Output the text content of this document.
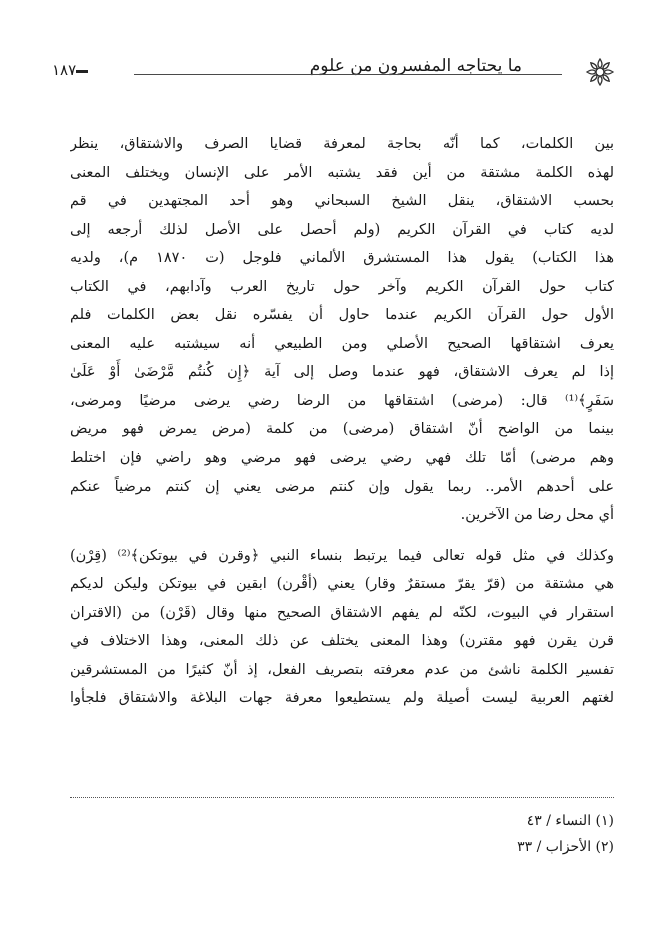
ما يحتاجه المفسرون من علوم
١٨٧
بين الكلمات، كما أنّه بحاجة لمعرفة قضايا الصرف والاشتقاق، ينظر
لهذه الكلمة مشتقة من أين فقد يشتبه الأمر على الإنسان ويختلف المعنى
بحسب الاشتقاق، ينقل الشيخ السبحاني وهو أحد المجتهدين في قم
لديه كتاب في القرآن الكريم (ولم أحصل على الأصل لذلك أرجعه إلى
هذا الكتاب) يقول هذا المستشرق الألماني فلوجل (ت ١٨٧٠ م)، ولديه
كتاب حول القرآن الكريم وآخر حول تاريخ العرب وآدابهم، في الكتاب
الأول حول القرآن الكريم عندما حاول أن يفسّره نقل بعض الكلمات فلم
يعرف اشتقاقها الصحيح الأصلي ومن الطبيعي أنه سيشتبه عليه المعنى
إذا لم يعرف الاشتقاق، فهو عندما وصل إلى آية ﴿إِن كُنتُم مَّرْضَىٰ أَوْ عَلَىٰ
سَفَرٍ﴾⁽¹⁾ قال: (مرضى) اشتقاقها من الرضا رضي يرضى مرضيًا ومرضى،
بينما من الواضح أنّ اشتقاق (مرضى) من كلمة (مرض يمرض فهو مريض
وهم مرضى) أمّا تلك فهي رضي يرضى فهو مرضي وهو راضي فإن اختلط
على أحدهم الأمر.. ربما يقول وإن كنتم مرضى يعني إن كنتم مرضياً عنكم
أي محل رضا من الآخرين.
وكذلك في مثل قوله تعالى فيما يرتبط بنساء النبي ﴿وقرن في بيوتكن﴾⁽²⁾ (قِرْن)
هي مشتقة من (قرّ يقرّ مستقرٌ وقار) يعني (أقْرن) ابقين في بيوتكن وليكن لديكم
استقرار في البيوت، لكنّه لم يفهم الاشتقاق الصحيح منها وقال (قَرْن) من (الاقتران
قرن يقرن فهو مقترن) وهذا المعنى يختلف عن ذلك المعنى، وهذا الاختلاف في
تفسير الكلمة ناشئ من عدم معرفته بتصريف الفعل، إذ أنّ كثيرًا من المستشرقين
لغتهم العربية ليست أصيلة ولم يستطيعوا معرفة جهات البلاغة والاشتقاق فلجأوا
(١) النساء / ٤٣
(٢) الأحزاب / ٣٣
